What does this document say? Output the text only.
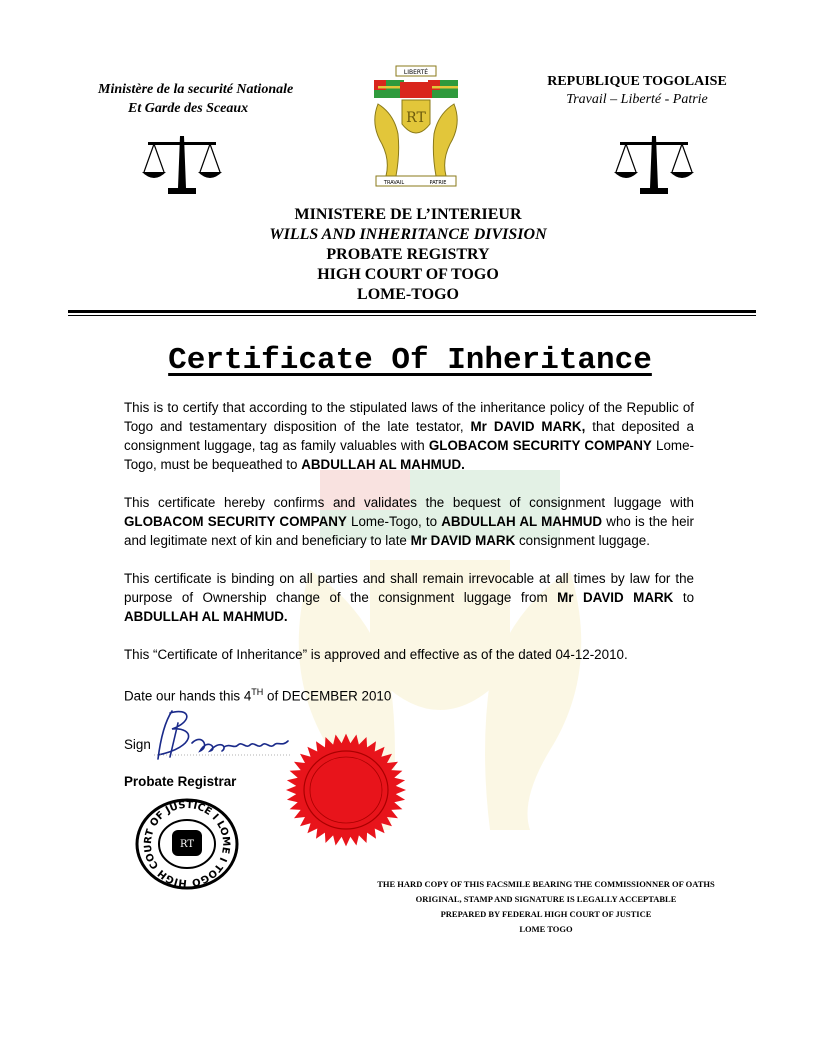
Ministère de la securité Nationale
Et Garde des Sceaux
REPUBLIQUE TOGOLAISE
Travail – Liberté - Patrie
LIBERTÉ
RT
TRAVAIL	PATRIE
MINISTERE DE L’INTERIEUR
WILLS AND INHERITANCE DIVISION
PROBATE REGISTRY
HIGH COURT OF TOGO
LOME-TOGO
Certificate Of Inheritance

This is to certify that according to the stipulated laws of the inheritance policy of the Republic of Togo and testamentary disposition of the late testator, Mr DAVID MARK, that deposited a consignment luggage, tag as family valuables with GLOBACOM SECURITY COMPANY Lome-Togo, must be bequeathed to ABDULLAH AL MAHMUD.

This certificate hereby confirms and validates the bequest of consignment luggage with GLOBACOM SECURITY COMPANY Lome-Togo, to ABDULLAH AL MAHMUD who is the heir and legitimate next of kin and beneficiary to late Mr DAVID MARK consignment luggage.

This certificate is binding on all parties and shall remain irrevocable at all times by law for the purpose of Ownership change of the consignment luggage from Mr DAVID MARK to ABDULLAH AL MAHMUD.

This “Certificate of Inheritance” is approved and effective as of the dated 04-12-2010.

Date our hands this 4TH of DECEMBER 2010

Sign
Probate Registrar
HIGH COURT OF JUSTICE I LOME I TOGO
RT
THE HARD COPY OF THIS FACSMILE BEARING THE COMMISSIONNER OF OATHS
ORIGINAL, STAMP AND SIGNATURE IS LEGALLY ACCEPTABLE
PREPARED BY FEDERAL HIGH COURT OF JUSTICE
LOME TOGO
